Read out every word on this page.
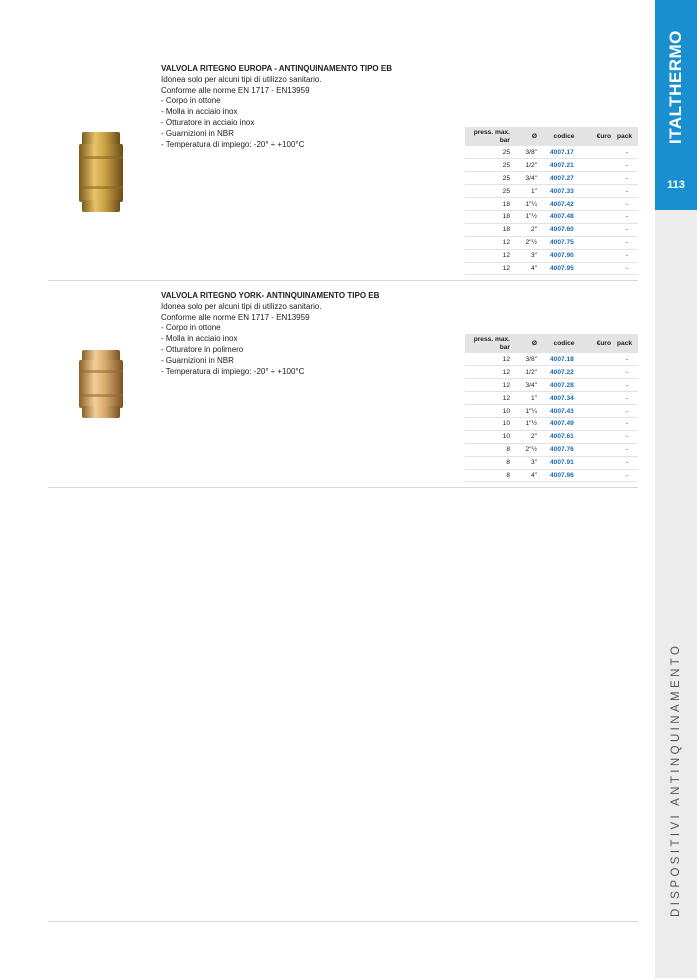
ITALTHERMO
113
DISPOSITIVI ANTINQUINAMENTO
VALVOLA RITEGNO EUROPA - ANTINQUINAMENTO TIPO EB
Idonea solo per alcuni tipi di utilizzo sanitario.
Conforme alle norme EN 1717 - EN13959
- Corpo in ottone
- Molla in acciaio inox
- Otturatore in acciaio inox
- Guarnizioni in NBR
- Temperatura di impiego: -20° ÷ +100°C
press. max.
bar	Ø	codice	€uro	pack
25	3/8"	4007.17		-
25	1/2"	4007.21		-
25	3/4"	4007.27		-
25	1"	4007.33		-
18	1"¼	4007.42		-
18	1"½	4007.48		-
18	2"	4007.60		-
12	2"½	4007.75		-
12	3"	4007.90		-
12	4"	4007.95		-
VALVOLA RITEGNO YORK- ANTINQUINAMENTO TIPO EB
Idonea solo per alcuni tipi di utilizzo sanitario.
Conforme alle norme EN 1717 - EN13959
- Corpo in ottone
- Molla in acciaio inox
- Otturatore in polimero
- Guarnizioni in NBR
- Temperatura di impiego: -20° ÷ +100°C
press. max.
bar	Ø	codice	€uro	pack
12	3/8"	4007.18		-
12	1/2"	4007.22		-
12	3/4"	4007.28		-
12	1"	4007.34		-
10	1"¼	4007.43		-
10	1"½	4007.49		-
10	2"	4007.61		-
8	2"½	4007.76		-
8	3"	4007.91		-
8	4"	4007.96		-
